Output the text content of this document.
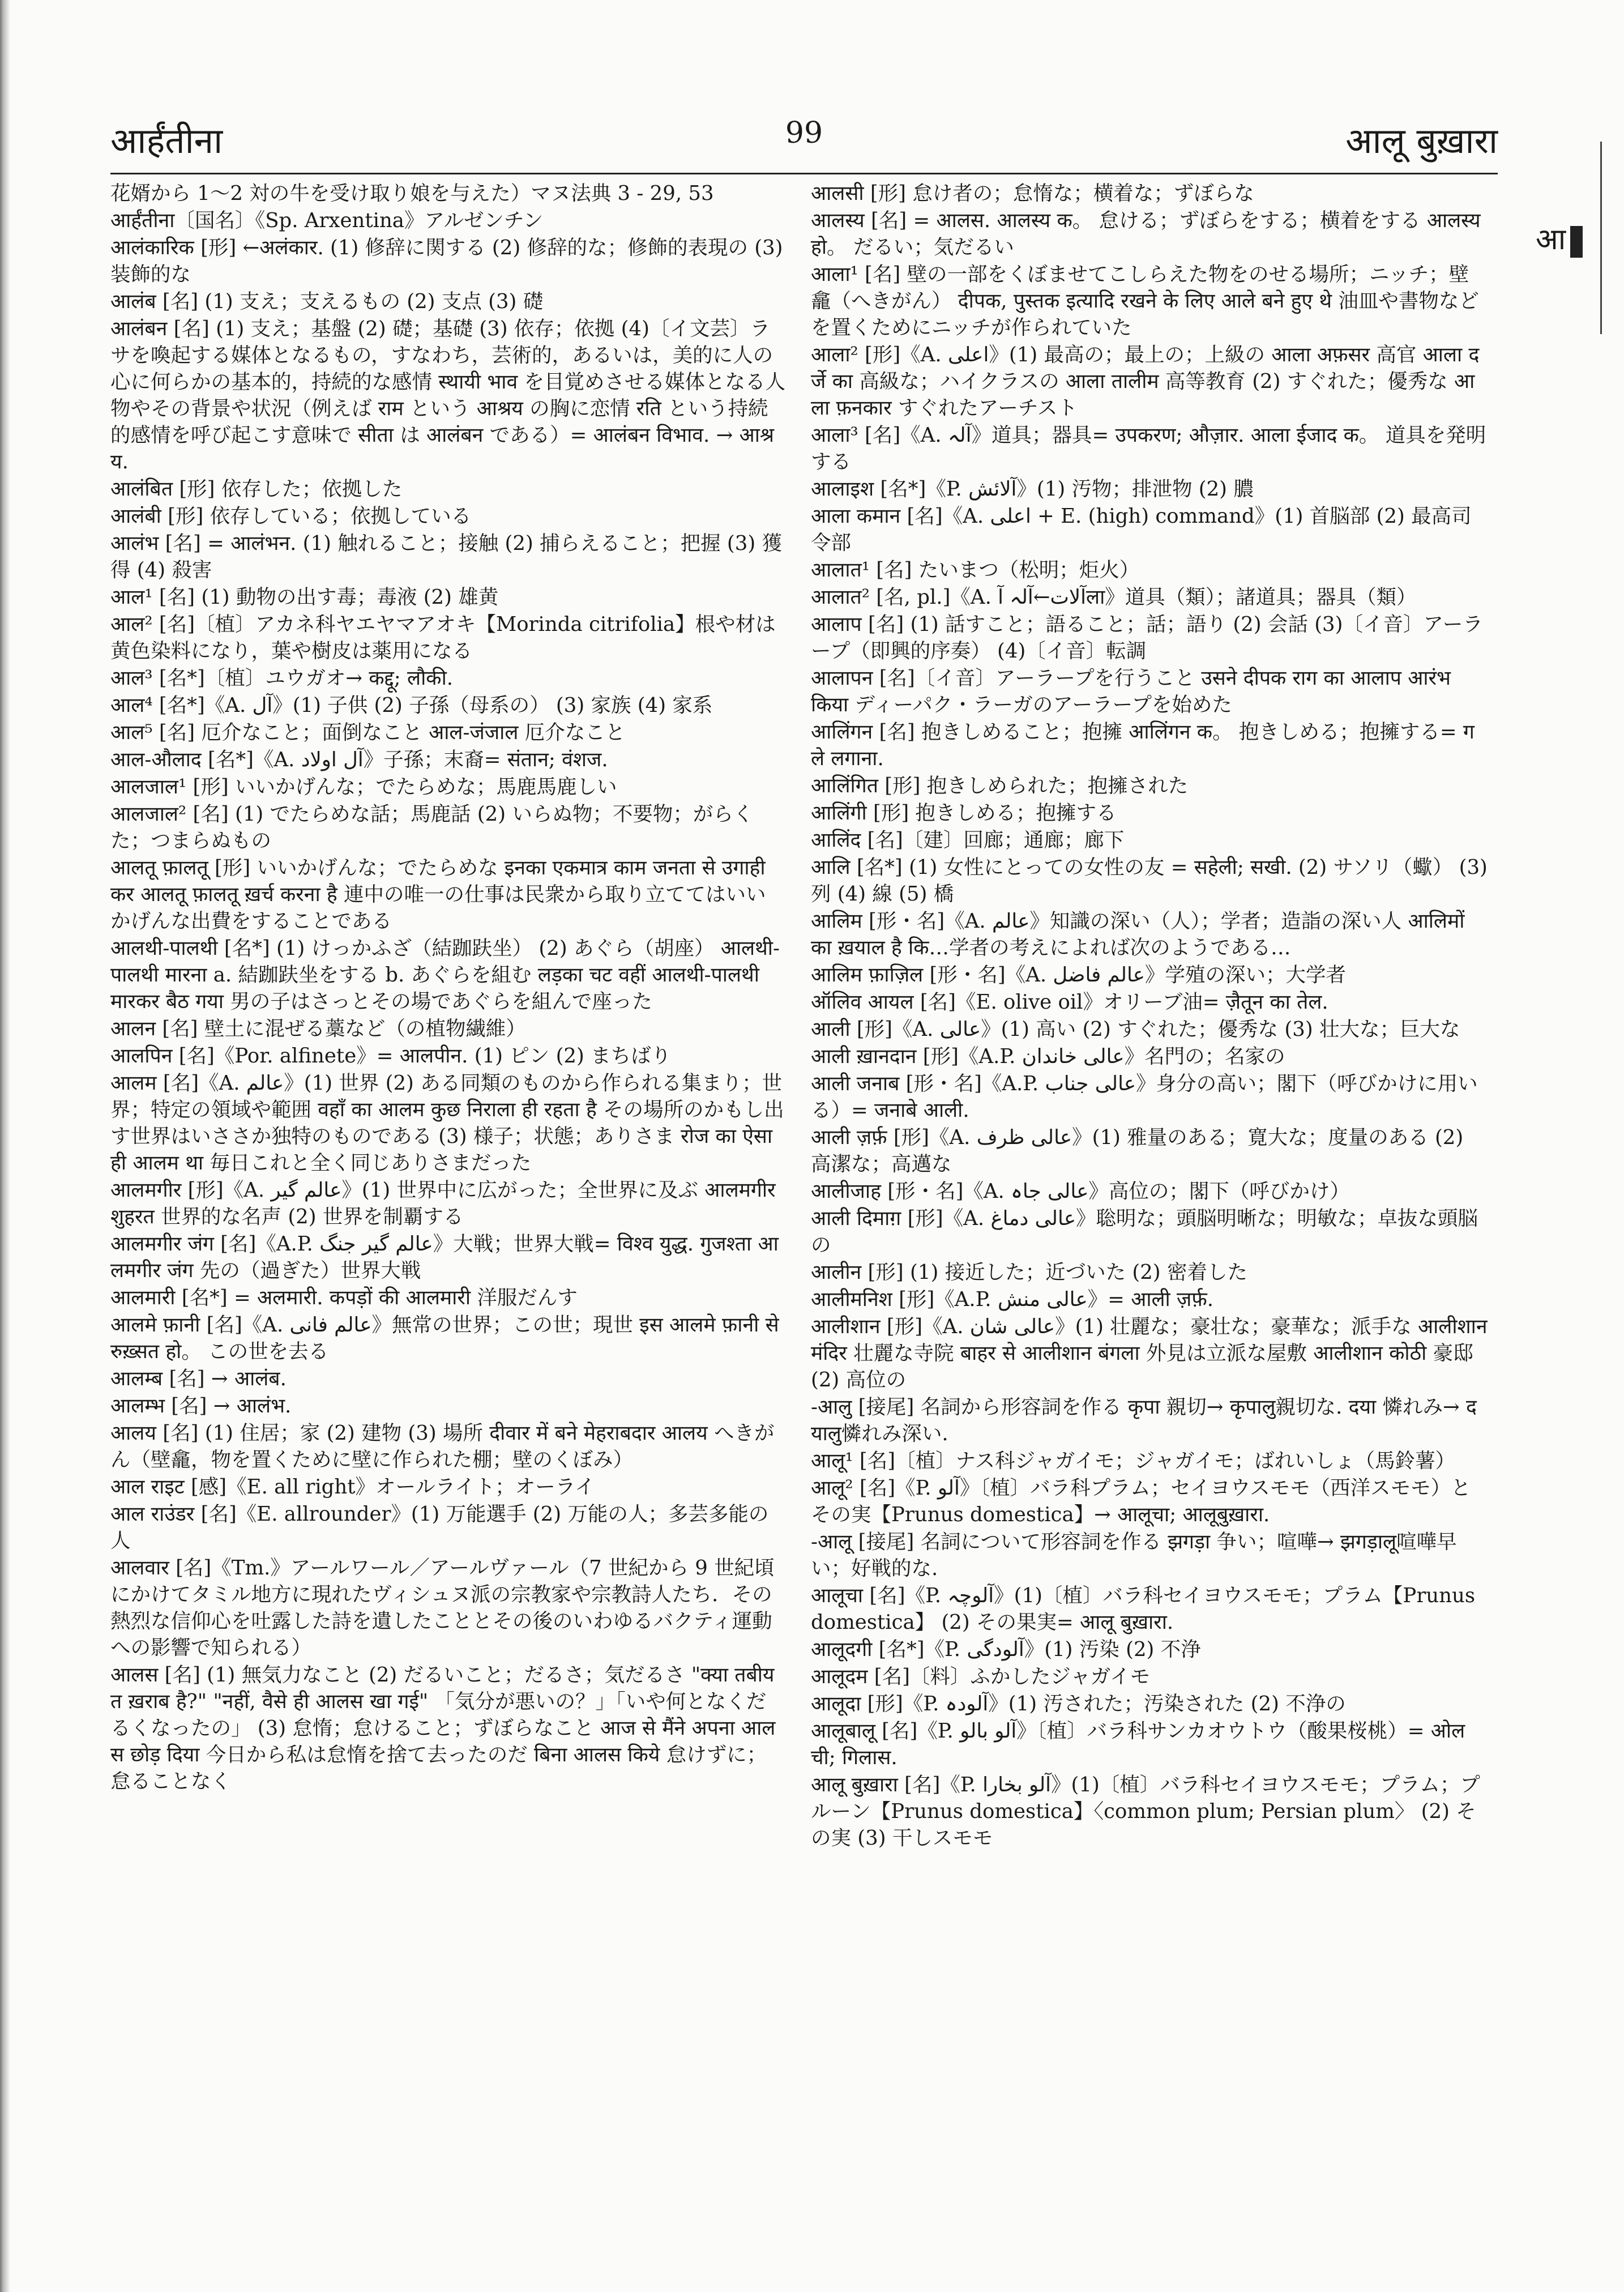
आर्हंतीना	99	आलू बुख़ारा
आ

花婿から 1〜2 対の牛を受け取り娘を与えた）マヌ法典 3 - 29, 53

आर्हंतीना〔国名〕《Sp. Arxentina》アルゼンチン

आलंकारिक [形] ←अलंकार. (1) 修辞に関する (2) 修辞的な；修飾的表現の (3) 装飾的な

आलंब [名] (1) 支え；支えるもの (2) 支点 (3) 礎

आलंबन [名] (1) 支え；基盤 (2) 礎；基礎 (3) 依存；依拠 (4)〔イ文芸〕ラサを喚起する媒体となるもの，すなわち，芸術的，あるいは，美的に人の心に何らかの基本的，持続的な感情 स्थायी भाव を目覚めさせる媒体となる人物やその背景や状況（例えば राम という आश्रय の胸に恋情 रति という持続的感情を呼び起こす意味で सीता は आलंबन である）= आलंबन विभाव. → आश्रय.

आलंबित [形] 依存した；依拠した

आलंबी [形] 依存している；依拠している

आलंभ [名] = आलंभन. (1) 触れること；接触 (2) 捕らえること；把握 (3) 獲得 (4) 殺害

आल¹ [名] (1) 動物の出す毒；毒液 (2) 雄黄

आल² [名]〔植〕アカネ科ヤエヤマアオキ【Morinda citrifolia】根や材は黄色染料になり，葉や樹皮は薬用になる

आल³ [名*]〔植〕ユウガオ→ कद्दू; लौकी.

आल⁴ [名*]《A. آل》(1) 子供 (2) 子孫（母系の） (3) 家族 (4) 家系

आल⁵ [名] 厄介なこと；面倒なこと आल-जंजाल 厄介なこと

आल-औलाद [名*]《A. آل اولاد》子孫；末裔= संतान; वंशज.

आलजाल¹ [形] いいかげんな；でたらめな；馬鹿馬鹿しい

आलजाल² [名] (1) でたらめな話；馬鹿話 (2) いらぬ物；不要物；がらくた；つまらぬもの

आलतू फ़ालतू [形] いいかげんな；でたらめな इनका एकमात्र काम जनता से उगाही कर आलतू फ़ालतू ख़र्च करना है 連中の唯一の仕事は民衆から取り立ててはいいかげんな出費をすることである

आलथी-पालथी [名*] (1) けっかふざ（結跏趺坐） (2) あぐら（胡座） आलथी-पालथी मारना a. 結跏趺坐をする b. あぐらを組む लड़का चट वहीं आलथी-पालथी मारकर बैठ गया 男の子はさっとその場であぐらを組んで座った

आलन [名] 壁土に混ぜる藁など（の植物繊維）

आलपिन [名]《Por. alfinete》= आलपीन. (1) ピン (2) まちばり

आलम [名]《A. عالم》(1) 世界 (2) ある同類のものから作られる集まり；世界；特定の領域や範囲 वहाँ का आलम कुछ निराला ही रहता है その場所のかもし出す世界はいささか独特のものである (3) 様子；状態；ありさま रोज का ऐसा ही आलम था 毎日これと全く同じありさまだった

आलमगीर [形]《A. عالم گیر》(1) 世界中に広がった；全世界に及ぶ आलमगीर शुहरत 世界的な名声 (2) 世界を制覇する

आलमगीर जंग [名]《A.P. عالم گیر جنگ》大戦；世界大戦= विश्व युद्ध. गुजश्ता आलमगीर जंग 先の（過ぎた）世界大戦

आलमारी [名*] = अलमारी. कपड़ों की आलमारी 洋服だんす

आलमे फ़ानी [名]《A. عالم فانی》無常の世界；この世；現世 इस आलमे फ़ानी से रुख़्सत हो。 この世を去る

आलम्ब [名] → आलंब.

आलम्भ [名] → आलंभ.

आलय [名] (1) 住居；家 (2) 建物 (3) 場所 दीवार में बने मेहराबदार आलय へきがん（壁龕，物を置くために壁に作られた棚；壁のくぼみ）

आल राइट [感]《E. all right》オールライト；オーライ

आल राउंडर [名]《E. allrounder》(1) 万能選手 (2) 万能の人；多芸多能の人

आलवार [名]《Tm.》アールワール／アールヴァール（7 世紀から 9 世紀頃にかけてタミル地方に現れたヴィシュヌ派の宗教家や宗教詩人たち．その熱烈な信仰心を吐露した詩を遺したこととその後のいわゆるバクティ運動への影響で知られる）

आलस [名] (1) 無気力なこと (2) だるいこと；だるさ；気だるさ "क्या तबीयत ख़राब है?" "नहीं, वैसे ही आलस खा गई" 「気分が悪いの？」「いや何となくだるくなったの」 (3) 怠惰；怠けること；ずぼらなこと आज से मैंने अपना आलस छोड़ दिया 今日から私は怠惰を捨て去ったのだ बिना आलस किये 怠けずに；怠ることなく

आलसी [形] 怠け者の；怠惰な；横着な；ずぼらな

आलस्य [名] = आलस. आलस्य क。 怠ける；ずぼらをする；横着をする आलस्य हो。 だるい；気だるい

आला¹ [名] 壁の一部をくぼませてこしらえた物をのせる場所；ニッチ；壁龕（へきがん） दीपक, पुस्तक इत्यादि रखने के लिए आले बने हुए थे 油皿や書物などを置くためにニッチが作られていた

आला² [形]《A. اعلی》(1) 最高の；最上の；上級の आला अफ़सर 高官 आला दर्जे का 高級な；ハイクラスの आला तालीम 高等教育 (2) すぐれた；優秀な आला फ़नकार すぐれたアーチスト

आला³ [名]《A. آلہ》道具；器具= उपकरण; औज़ार. आला ईजाद क。 道具を発明する

आलाइश [名*]《P. آلائش》(1) 汚物；排泄物 (2) 膿

आला कमान [名]《A. اعلی + E. (high) command》(1) 首脳部 (2) 最高司令部

आलात¹ [名] たいまつ（松明；炬火）

आलात² [名, pl.]《A. آلات←آلہ آला》道具（類）；諸道具；器具（類）

आलाप [名] (1) 話すこと；語ること；話；語り (2) 会話 (3)〔イ音〕アーラープ（即興的序奏） (4)〔イ音〕転調

आलापन [名]〔イ音〕アーラープを行うこと उसने दीपक राग का आलाप आरंभ किया ディーパク・ラーガのアーラープを始めた

आलिंगन [名] 抱きしめること；抱擁 आलिंगन क。 抱きしめる；抱擁する= गले लगाना.

आलिंगित [形] 抱きしめられた；抱擁された

आलिंगी [形] 抱きしめる；抱擁する

आलिंद [名]〔建〕回廊；通廊；廊下

आलि [名*] (1) 女性にとっての女性の友 = सहेली; सखी. (2) サソリ（蠍） (3) 列 (4) 線 (5) 橋

आलिम [形・名]《A. عالم》知識の深い（人）；学者；造詣の深い人 आलिमों का ख़याल है कि…学者の考えによれば次のようである…

आलिम फ़ाज़िल [形・名]《A. عالم فاضل》学殖の深い；大学者

ऑलिव आयल [名]《E. olive oil》オリーブ油= ज़ैतून का तेल.

आली [形]《A. عالی》(1) 高い (2) すぐれた；優秀な (3) 壮大な；巨大な

आली ख़ानदान [形]《A.P. عالی خاندان》名門の；名家の

आली जनाब [形・名]《A.P. عالی جناب》身分の高い；閣下（呼びかけに用いる）= जनाबे आली.

आली ज़र्फ़ [形]《A. عالی ظرف》(1) 雅量のある；寛大な；度量のある (2) 高潔な；高邁な

आलीजाह [形・名]《A. عالی جاہ》高位の；閣下（呼びかけ）

आली दिमाग़ [形]《A. عالی دماغ》聡明な；頭脳明晰な；明敏な；卓抜な頭脳の

आलीन [形] (1) 接近した；近づいた (2) 密着した

आलीमनिश [形]《A.P. عالی منش》= आली ज़र्फ़.

आलीशान [形]《A. عالی شان》(1) 壮麗な；豪壮な；豪華な；派手な आलीशान मंदिर 壮麗な寺院 बाहर से आलीशान बंगला 外見は立派な屋敷 आलीशान कोठी 豪邸 (2) 高位の

-आलु [接尾] 名詞から形容詞を作る कृपा 親切→ कृपालु親切な. दया 憐れみ→ दयालु憐れみ深い.

आलू¹ [名]〔植〕ナス科ジャガイモ；ジャガイモ；ばれいしょ（馬鈴薯）

आलू² [名]《P. آلو》〔植〕バラ科プラム；セイヨウスモモ（西洋スモモ）とその実【Prunus domestica】→ आलूचा; आलूबुख़ारा.

-आलू [接尾] 名詞について形容詞を作る झगड़ा 争い；喧嘩→ झगड़ालू喧嘩早い；好戦的な.

आलूचा [名]《P. آلوچہ》(1)〔植〕バラ科セイヨウスモモ；プラム【Prunus domestica】 (2) その果実= आलू बुख़ारा.

आलूदगी [名*]《P. آلودگی》(1) 汚染 (2) 不浄

आलूदम [名]〔料〕ふかしたジャガイモ

आलूदा [形]《P. آلودہ》(1) 汚された；汚染された (2) 不浄の

आलूबालू [名]《P. آلو بالو》〔植〕バラ科サンカオウトウ（酸果桜桃）= ओलची; गिलास.

आलू बुख़ारा [名]《P. آلو بخارا》(1)〔植〕バラ科セイヨウスモモ；プラム；プルーン【Prunus domestica】〈common plum; Persian plum〉 (2) その実 (3) 干しスモモ
